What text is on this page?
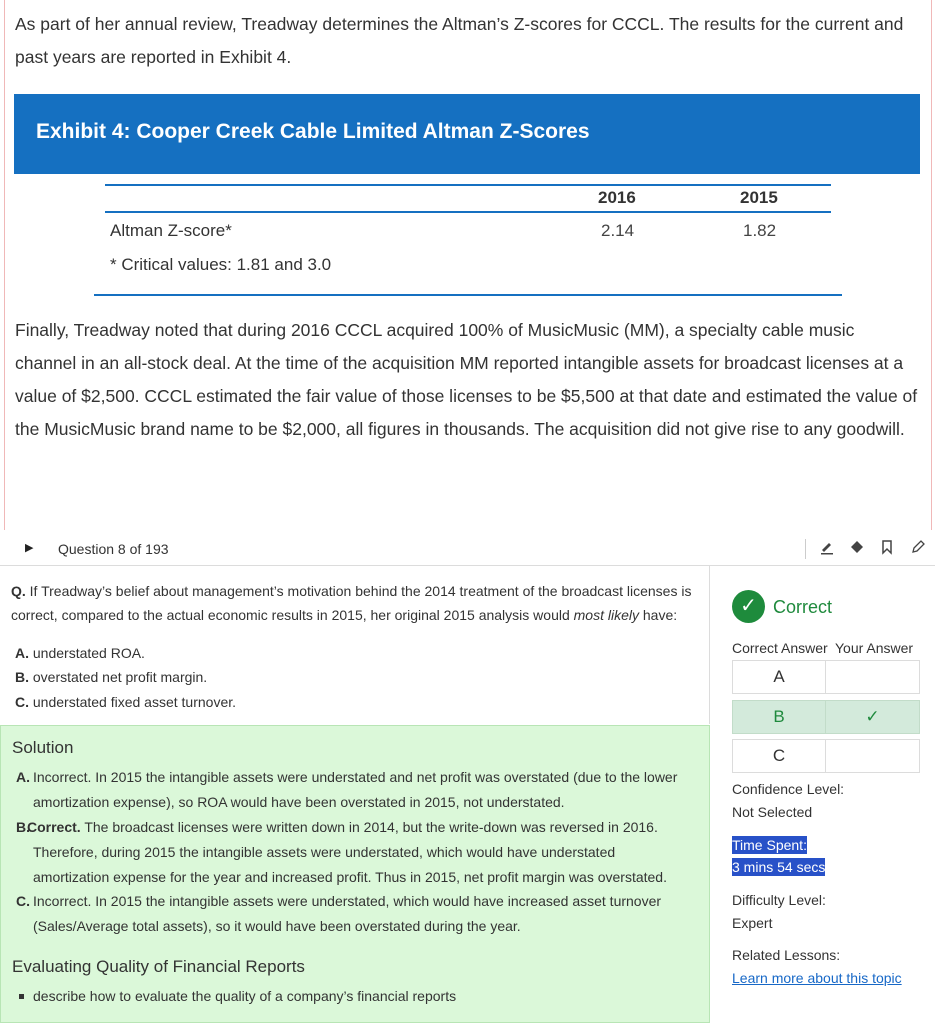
As part of her annual review, Treadway determines the Altman’s Z-scores for CCCL. The results for the current and past years are reported in Exhibit 4.
Exhibit 4: Cooper Creek Cable Limited Altman Z-Scores
2016	2015
Altman Z-score*	2.14	1.82
* Critical values: 1.81 and 3.0
Finally, Treadway noted that during 2016 CCCL acquired 100% of MusicMusic (MM), a specialty cable music channel in an all-stock deal. At the time of the acquisition MM reported intangible assets for broadcast licenses at a value of $2,500. CCCL estimated the fair value of those licenses to be $5,500 at that date and estimated the value of the MusicMusic brand name to be $2,000, all figures in thousands. The acquisition did not give rise to any goodwill.
▶ Question 8 of 193
Q. If Treadway’s belief about management’s motivation behind the 2014 treatment of the broadcast licenses is correct, compared to the actual economic results in 2015, her original 2015 analysis would most likely have:
A. understated ROA.
B. overstated net profit margin.
C. understated fixed asset turnover.
Solution
A. Incorrect. In 2015 the intangible assets were understated and net profit was overstated (due to the lower amortization expense), so ROA would have been overstated in 2015, not understated.
B.
Correct. The broadcast licenses were written down in 2014, but the write-down was reversed in 2016. Therefore, during 2015 the intangible assets were understated, which would have understated amortization expense for the year and increased profit. Thus in 2015, net profit margin was overstated.
C. Incorrect. In 2015 the intangible assets were understated, which would have increased asset turnover (Sales/Average total assets), so it would have been overstated during the year.
Evaluating Quality of Financial Reports
describe how to evaluate the quality of a company’s financial reports
✓ Correct
Correct Answer Your Answer
A
B	✓
C
Confidence Level:
Not Selected
Time Spent:
3 mins 54 secs
Difficulty Level:
Expert
Related Lessons:
Learn more about this topic
